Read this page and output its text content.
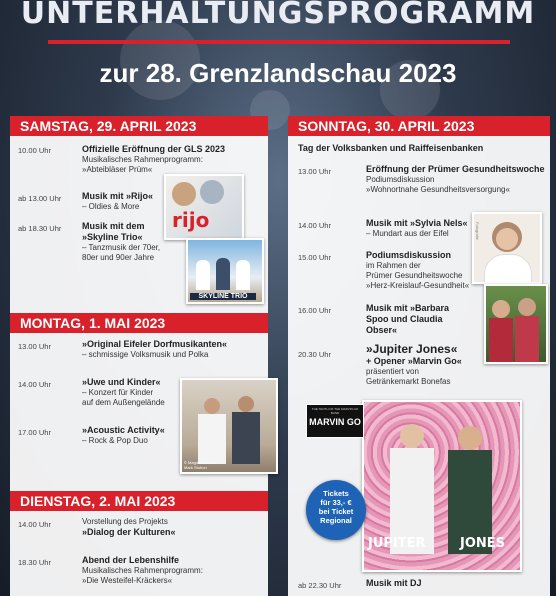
UNTERHALTUNGSPROGRAMM
zur 28. Grenzlandschau 2023
SAMSTAG, 29. APRIL 2023
10.00 Uhr	Offizielle Eröffnung der GLS 2023
Musikalisches Rahmenprogramm:
»Abteibläser Prüm«
ab 13.00 Uhr Musik mit »Rijo«
– Oldies & More
rijo
ab 18.30 Uhr Musik mit dem »Skyline Trio«
– Tanzmusik der 70er,
80er und 90er Jahre
SKYLINE TRIO
MONTAG, 1. MAI 2023
13.00 Uhr	»Original Eifeler Dorfmusikanten«
– schmissige Volksmusik und Polka
14.00 Uhr	»Uwe und Kinder«
– Konzert für Kinder
auf dem Außengelände
17.00 Uhr	»Acoustic Activity«
– Rock & Pop Duo
© Magdalene und Mark Stuhon
DIENSTAG, 2. MAI 2023
14.00 Uhr	Vorstellung des Projekts
»Dialog der Kulturen«
18.30 Uhr	Abend der Lebenshilfe
Musikalisches Rahmenprogramm:
»Die Westeifel-Kräckers«
SONNTAG, 30. APRIL 2023
Tag der Volksbanken und Raiffeisenbanken
13.00 Uhr	Eröffnung der Prümer Gesundheitswoche
Podiumsdiskussion
»Wohnortnahe Gesundheitsversorgung«
14.00 Uhr	Musik mit »Sylvia Nels«
– Mundart aus der Eifel	Fotografie
15.00 Uhr	Podiumsdiskussion
im Rahmen der
Prümer Gesundheitswoche
»Herz-Kreislauf-Gesundheit«
16.00 Uhr	Musik mit »Barbara Spoo und Claudia Obser«
20.30 Uhr	»Jupiter Jones«
+ Opener »Marvin Go«
präsentiert von
Getränkemarkt Bonefas
JUPITER	JONES
THE TENTH OF THE MARVIN GO BAND
MARVIN GO
Tickets
für 33,- €
bei Ticket
Regional
ab 22.30 Uhr	Musik mit DJ
